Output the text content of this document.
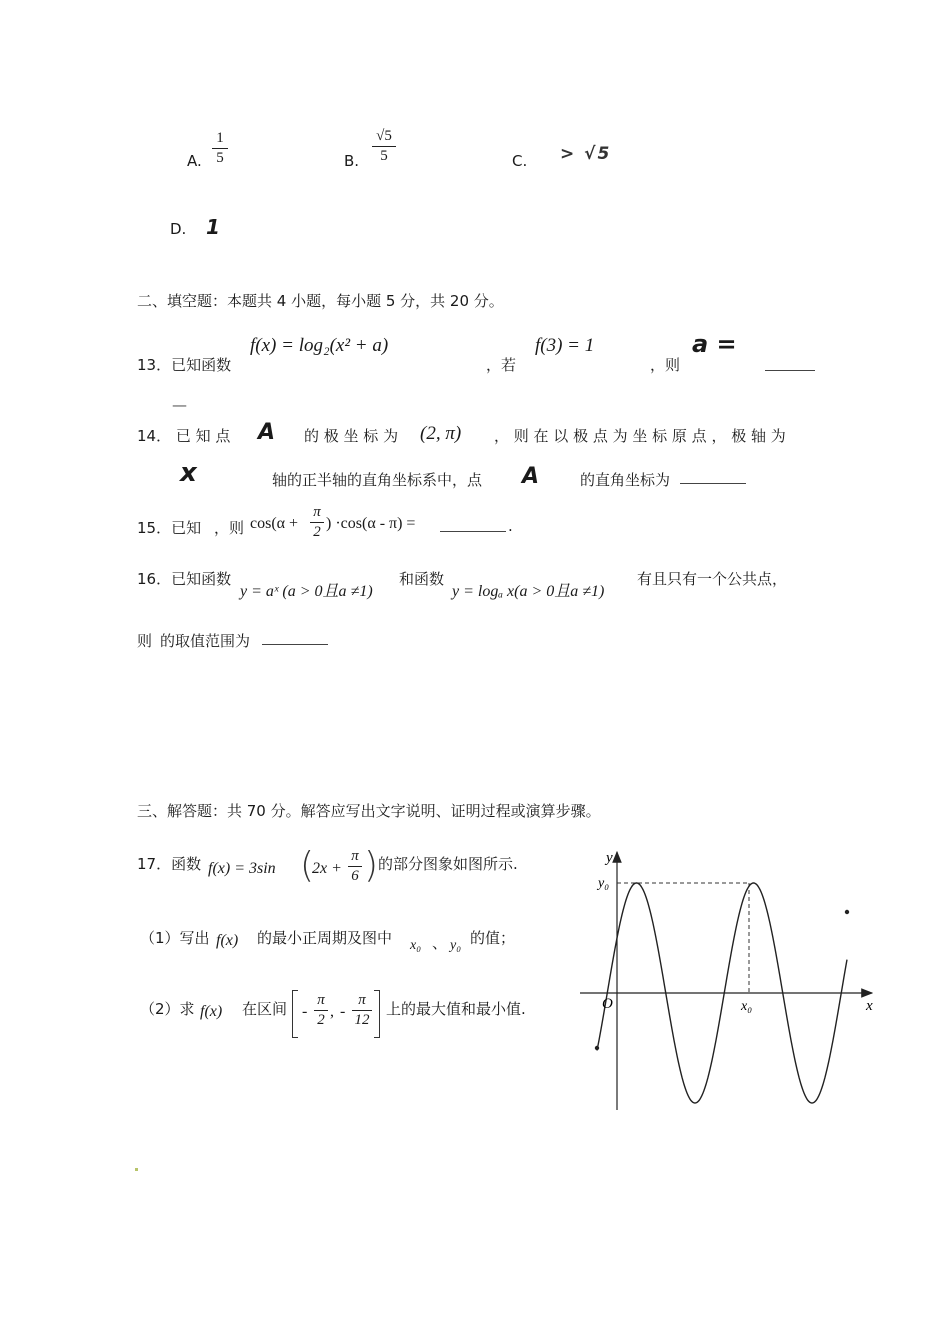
A.
1
5	B.
√5
5	C. > √5
D. 1
二、填空题：本题共 4 小题，每小题 5 分，共 20 分。
13．已知函数
f(x) = log₂(x² + a)
，若
f(3) = 1
，则
a =
—
14． 已 知 点 A 的 极 坐 标 为 (2, π) ， 则 在 以 极 点 为 坐 标 原 点 ， 极 轴 为
x	轴的正半轴的直角坐标系中，点 A	的直角坐标为
15．已知 ，则 cos(α +
π
2 ) ·cos(α - π) =	.
16．已知函数
y = aˣ (a > 0且a ≠1)
和函数
y = logₐ x(a > 0且a ≠1)
有且只有一个公共点，
则 的取值范围为
三、解答题：共 70 分。解答应写出文字说明、证明过程或演算步骤。
17．函数 f(x) = 3sin (
2x +
π
6 ) 的部分图象如图所示.
（1）写出 f(x) 的最小正周期及图中 x₀ 、 y₀ 的值；
（2）求 f(x) 在区间 -
π
2 , -
π
12
上的最大值和最小值.
y
x
O
y₀
x₀
